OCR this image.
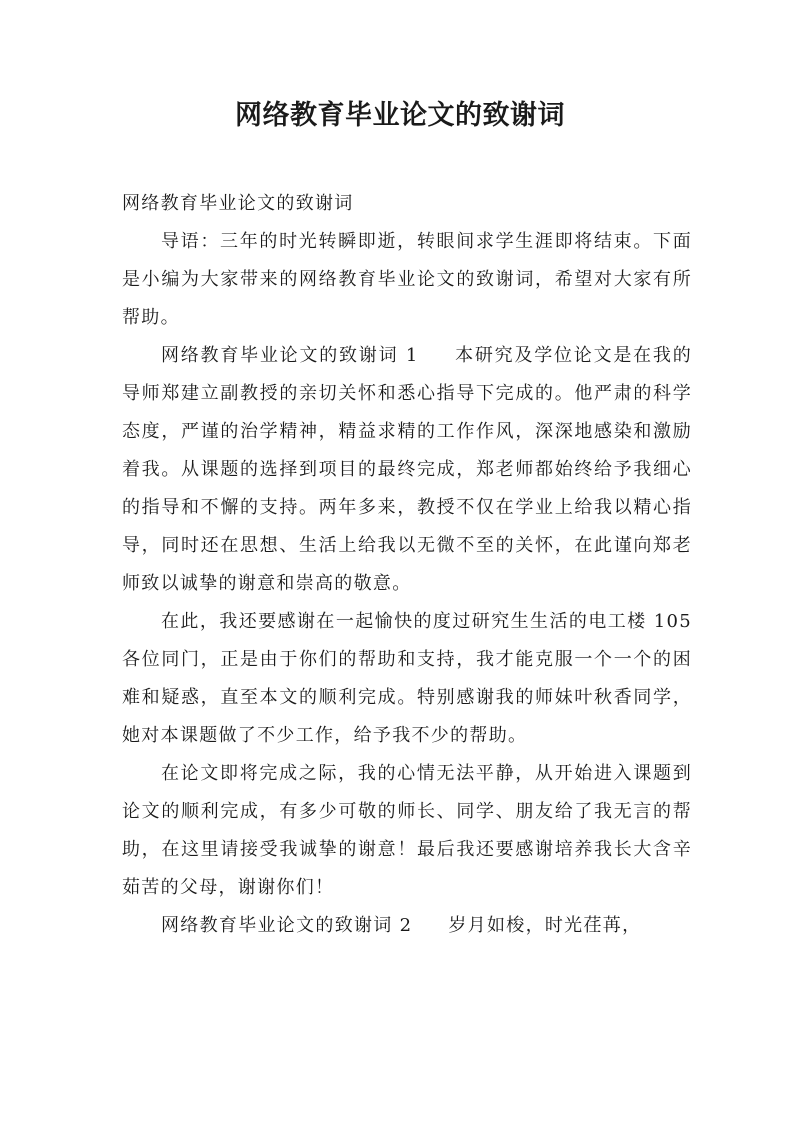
网络教育毕业论文的致谢词

网络教育毕业论文的致谢词

导语：三年的时光转瞬即逝，转眼间求学生涯即将结束。下面是小编为大家带来的网络教育毕业论文的致谢词，希望对大家有所帮助。

网络教育毕业论文的致谢词 1 本研究及学位论文是在我的导师郑建立副教授的亲切关怀和悉心指导下完成的。他严肃的科学态度，严谨的治学精神，精益求精的工作作风，深深地感染和激励着我。从课题的选择到项目的最终完成，郑老师都始终给予我细心的指导和不懈的支持。两年多来，教授不仅在学业上给我以精心指导，同时还在思想、生活上给我以无微不至的关怀，在此谨向郑老师致以诚挚的谢意和崇高的敬意。

在此，我还要感谢在一起愉快的度过研究生生活的电工楼 105 各位同门，正是由于你们的帮助和支持，我才能克服一个一个的困难和疑惑，直至本文的顺利完成。特别感谢我的师妹叶秋香同学，她对本课题做了不少工作，给予我不少的帮助。

在论文即将完成之际，我的心情无法平静，从开始进入课题到论文的顺利完成，有多少可敬的师长、同学、朋友给了我无言的帮助，在这里请接受我诚挚的谢意！最后我还要感谢培养我长大含辛茹苦的父母，谢谢你们！

网络教育毕业论文的致谢词 2 岁月如梭，时光荏苒，
